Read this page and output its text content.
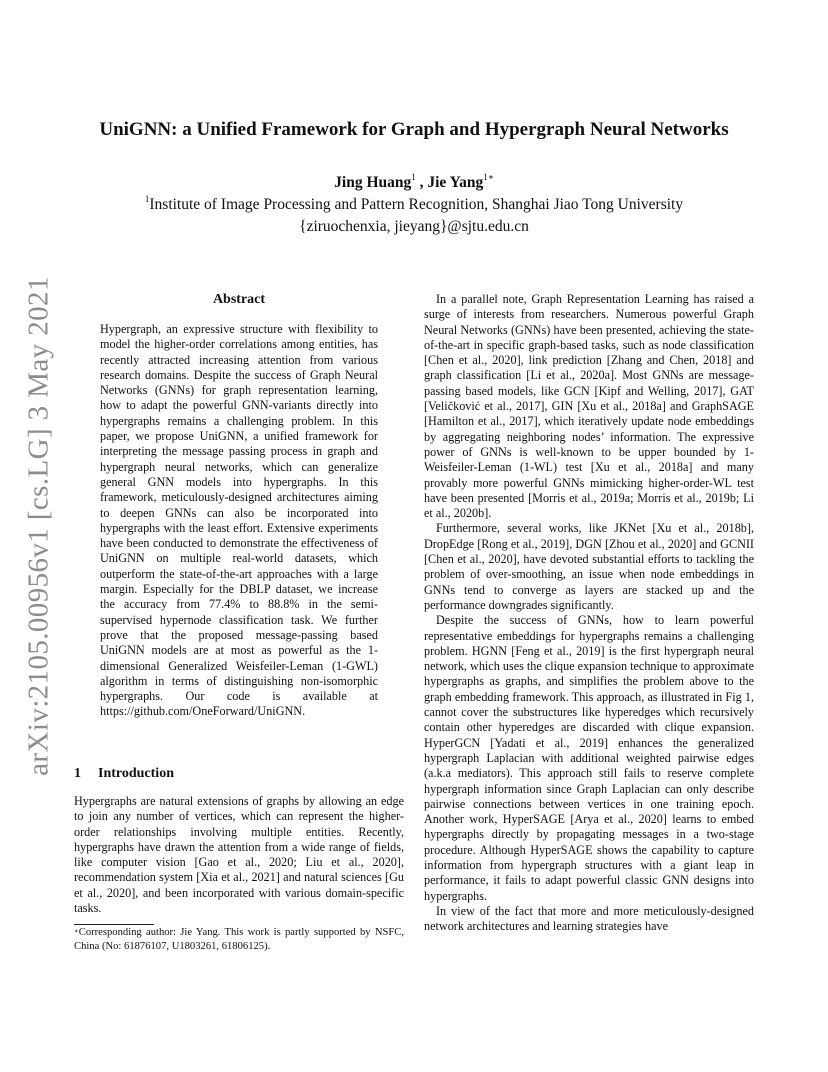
arXiv:2105.00956v1 [cs.LG] 3 May 2021
UniGNN: a Unified Framework for Graph and Hypergraph Neural Networks
Jing Huang$^1$ , Jie Yang$^{1∗}$
$^1$Institute of Image Processing and Pattern Recognition, Shanghai Jiao Tong University
{ziruochenxia, jieyang}@sjtu.edu.cn
Abstract
Hypergraph, an expressive structure with flexibility to model the higher-order correlations among entities, has recently attracted increasing attention from various research domains. Despite the success of Graph Neural Networks (GNNs) for graph representation learning, how to adapt the powerful GNN-variants directly into hypergraphs remains a challenging problem. In this paper, we propose UniGNN, a unified framework for interpreting the message passing process in graph and hypergraph neural networks, which can generalize general GNN models into hypergraphs. In this framework, meticulously-designed architectures aiming to deepen GNNs can also be incorporated into hypergraphs with the least effort. Extensive experiments have been conducted to demonstrate the effectiveness of UniGNN on multiple real-world datasets, which outperform the state-of-the-art approaches with a large margin. Especially for the DBLP dataset, we increase the accuracy from 77.4% to 88.8% in the semi-supervised hypernode classification task. We further prove that the proposed message-passing based UniGNN models are at most as powerful as the 1-dimensional Generalized Weisfeiler-Leman (1-GWL) algorithm in terms of distinguishing non-isomorphic hypergraphs. Our code is available at https://github.com/OneForward/UniGNN.
1 Introduction
Hypergraphs are natural extensions of graphs by allowing an edge to join any number of vertices, which can represent the higher-order relationships involving multiple entities. Recently, hypergraphs have drawn the attention from a wide range of fields, like computer vision [Gao et al., 2020; Liu et al., 2020], recommendation system [Xia et al., 2021] and natural sciences [Gu et al., 2020], and been incorporated with various domain-specific tasks.
∗Corresponding author: Jie Yang. This work is partly supported by NSFC, China (No: 61876107, U1803261, 61806125).

In a parallel note, Graph Representation Learning has raised a surge of interests from researchers. Numerous powerful Graph Neural Networks (GNNs) have been presented, achieving the state-of-the-art in specific graph-based tasks, such as node classification [Chen et al., 2020], link prediction [Zhang and Chen, 2018] and graph classification [Li et al., 2020a]. Most GNNs are message-passing based models, like GCN [Kipf and Welling, 2017], GAT [Veličković et al., 2017], GIN [Xu et al., 2018a] and GraphSAGE [Hamilton et al., 2017], which iteratively update node embeddings by aggregating neighboring nodes’ information. The expressive power of GNNs is well-known to be upper bounded by 1-Weisfeiler-Leman (1-WL) test [Xu et al., 2018a] and many provably more powerful GNNs mimicking higher-order-WL test have been presented [Morris et al., 2019a; Morris et al., 2019b; Li et al., 2020b].

Furthermore, several works, like JKNet [Xu et al., 2018b], DropEdge [Rong et al., 2019], DGN [Zhou et al., 2020] and GCNII [Chen et al., 2020], have devoted substantial efforts to tackling the problem of over-smoothing, an issue when node embeddings in GNNs tend to converge as layers are stacked up and the performance downgrades significantly.

Despite the success of GNNs, how to learn powerful representative embeddings for hypergraphs remains a challenging problem. HGNN [Feng et al., 2019] is the first hypergraph neural network, which uses the clique expansion technique to approximate hypergraphs as graphs, and simplifies the problem above to the graph embedding framework. This approach, as illustrated in Fig 1, cannot cover the substructures like hyperedges which recursively contain other hyperedges are discarded with clique expansion. HyperGCN [Yadati et al., 2019] enhances the generalized hypergraph Laplacian with additional weighted pairwise edges (a.k.a mediators). This approach still fails to reserve complete hypergraph information since Graph Laplacian can only describe pairwise connections between vertices in one training epoch. Another work, HyperSAGE [Arya et al., 2020] learns to embed hypergraphs directly by propagating messages in a two-stage procedure. Although HyperSAGE shows the capability to capture information from hypergraph structures with a giant leap in performance, it fails to adapt powerful classic GNN designs into hypergraphs.

In view of the fact that more and more meticulously-designed network architectures and learning strategies have
